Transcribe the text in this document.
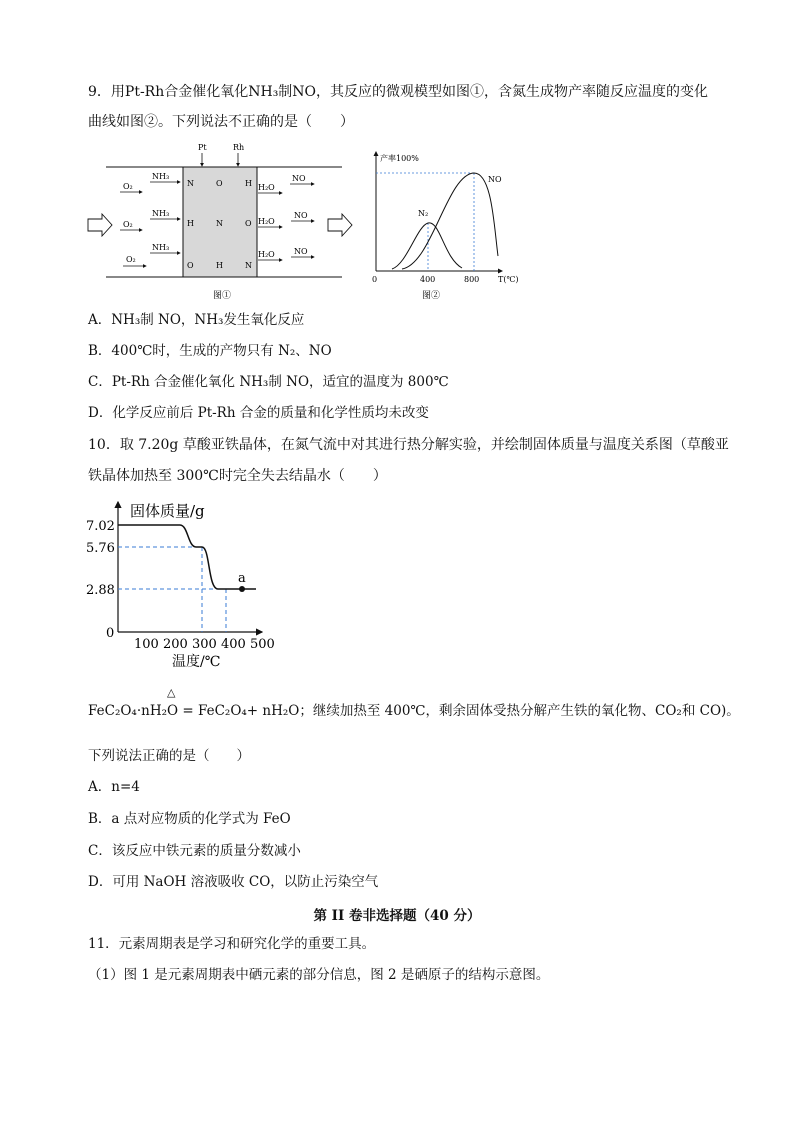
9．用Pt-Rh合金催化氧化NH₃制NO，其反应的微观模型如图①，含氮生成物产率随反应温度的变化
曲线如图②。下列说法不正确的是（　　）
Pt	Rh
O₂
NH₃
NH₃
O₂
NH₃
O₂
N	O	H
H	N	O
O	H	N
H₂O
NO
H₂O
NO
H₂O NO
图①
产率100%
T(℃)
0	400	800
N₂
NO
图②
A．NH₃制 NO，NH₃发生氧化反应
B．400℃时，生成的产物只有 N₂、NO
C．Pt-Rh 合金催化氧化 NH₃制 NO，适宜的温度为 800℃
D．化学反应前后 Pt-Rh 合金的质量和化学性质均未改变
10．取 7.20g 草酸亚铁晶体，在氮气流中对其进行热分解实验，并绘制固体质量与温度关系图（草酸亚
铁晶体加热至 300℃时完全失去结晶水（　　）
固体质量/g
7.02
5.76
2.88
0
100 200 300 400 500
温度/℃
a
△
FeC₂O₄·nH₂O = FeC₂O₄+ nH₂O；继续加热至 400℃，剩余固体受热分解产生铁的氧化物、CO₂和 CO)。
下列说法正确的是（　　）
A．n=4
B．a 点对应物质的化学式为 FeO
C．该反应中铁元素的质量分数减小
D．可用 NaOH 溶液吸收 CO，以防止污染空气
第 II 卷非选择题（40 分）
11．元素周期表是学习和研究化学的重要工具。
（1）图 1 是元素周期表中硒元素的部分信息，图 2 是硒原子的结构示意图。
